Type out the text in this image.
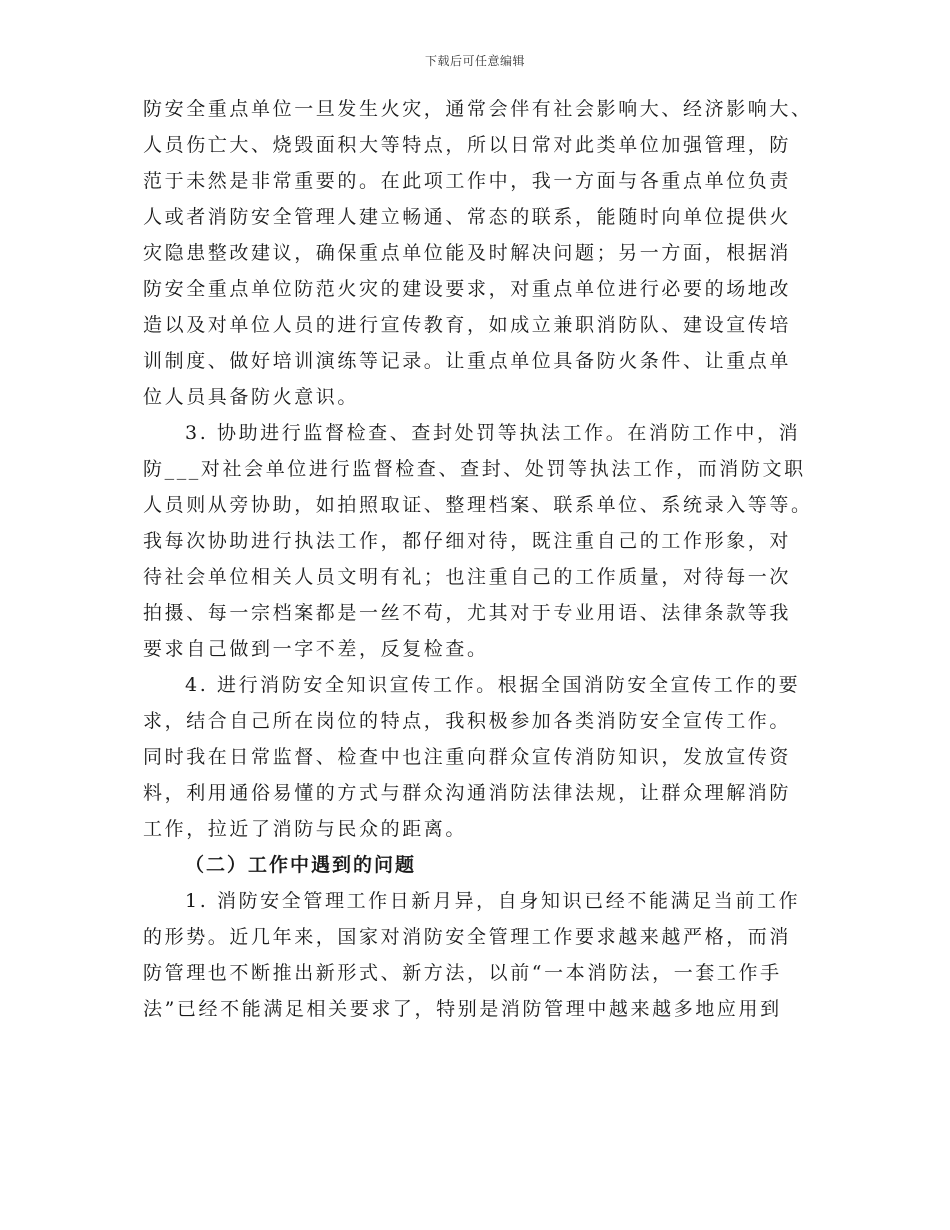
下载后可任意编辑
防安全重点单位一旦发生火灾，通常会伴有社会影响大、经济影响大、
人员伤亡大、烧毁面积大等特点，所以日常对此类单位加强管理，防
范于未然是非常重要的。在此项工作中，我一方面与各重点单位负责
人或者消防安全管理人建立畅通、常态的联系，能随时向单位提供火
灾隐患整改建议，确保重点单位能及时解决问题；另一方面，根据消
防安全重点单位防范火灾的建设要求，对重点单位进行必要的场地改
造以及对单位人员的进行宣传教育，如成立兼职消防队、建设宣传培
训制度、做好培训演练等记录。让重点单位具备防火条件、让重点单
位人员具备防火意识。
3. 协助进行监督检查、查封处罚等执法工作。在消防工作中，消
防___对社会单位进行监督检查、查封、处罚等执法工作，而消防文职
人员则从旁协助，如拍照取证、整理档案、联系单位、系统录入等等。
我每次协助进行执法工作，都仔细对待，既注重自己的工作形象，对
待社会单位相关人员文明有礼；也注重自己的工作质量，对待每一次
拍摄、每一宗档案都是一丝不苟，尤其对于专业用语、法律条款等我
要求自己做到一字不差，反复检查。
4. 进行消防安全知识宣传工作。根据全国消防安全宣传工作的要
求，结合自己所在岗位的特点，我积极参加各类消防安全宣传工作。
同时我在日常监督、检查中也注重向群众宣传消防知识，发放宣传资
料，利用通俗易懂的方式与群众沟通消防法律法规，让群众理解消防
工作，拉近了消防与民众的距离。
（二）工作中遇到的问题
1. 消防安全管理工作日新月异，自身知识已经不能满足当前工作
的形势。近几年来，国家对消防安全管理工作要求越来越严格，而消
防管理也不断推出新形式、新方法，以前“一本消防法，一套工作手
法”已经不能满足相关要求了，特别是消防管理中越来越多地应用到
